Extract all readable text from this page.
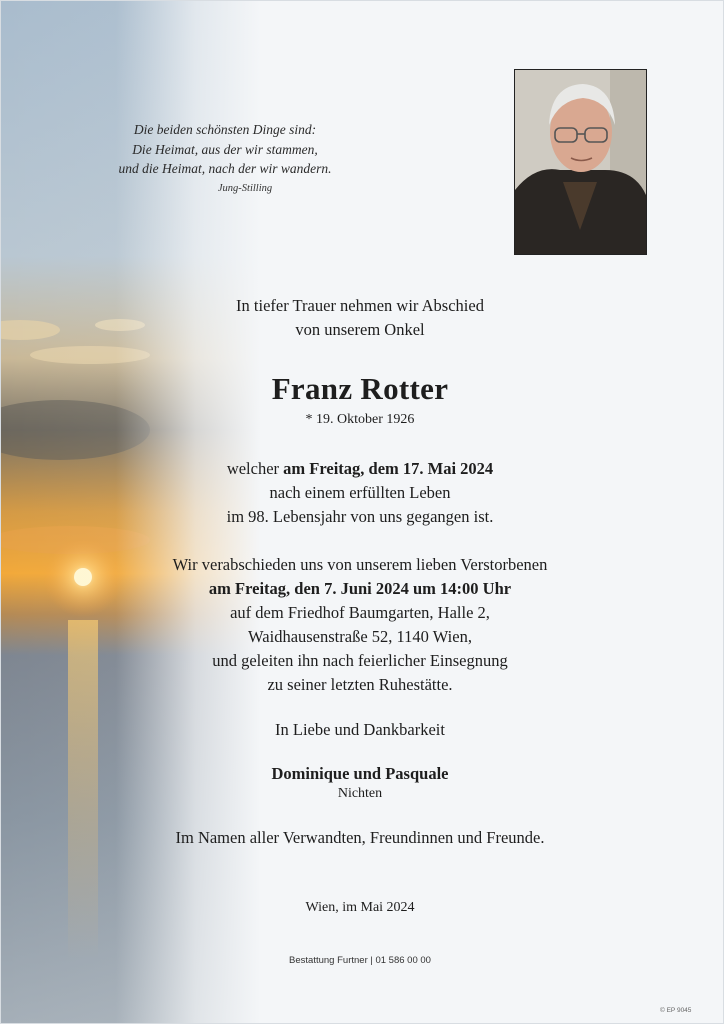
Die beiden schönsten Dinge sind:
Die Heimat, aus der wir stammen,
und die Heimat, nach der wir wandern.
Jung-Stilling
In tiefer Trauer nehmen wir Abschied
von unserem Onkel
Franz Rotter
* 19. Oktober 1926
welcher am Freitag, dem 17. Mai 2024
nach einem erfüllten Leben
im 98. Lebensjahr von uns gegangen ist.
Wir verabschieden uns von unserem lieben Verstorbenen
am Freitag, den 7. Juni 2024 um 14:00 Uhr
auf dem Friedhof Baumgarten, Halle 2,
Waidhausenstraße 52, 1140 Wien,
und geleiten ihn nach feierlicher Einsegnung
zu seiner letzten Ruhestätte.
In Liebe und Dankbarkeit
Dominique und Pasquale
Nichten
Im Namen aller Verwandten, Freundinnen und Freunde.
Wien, im Mai 2024
Bestattung Furtner | 01 586 00 00
© EP 9045
